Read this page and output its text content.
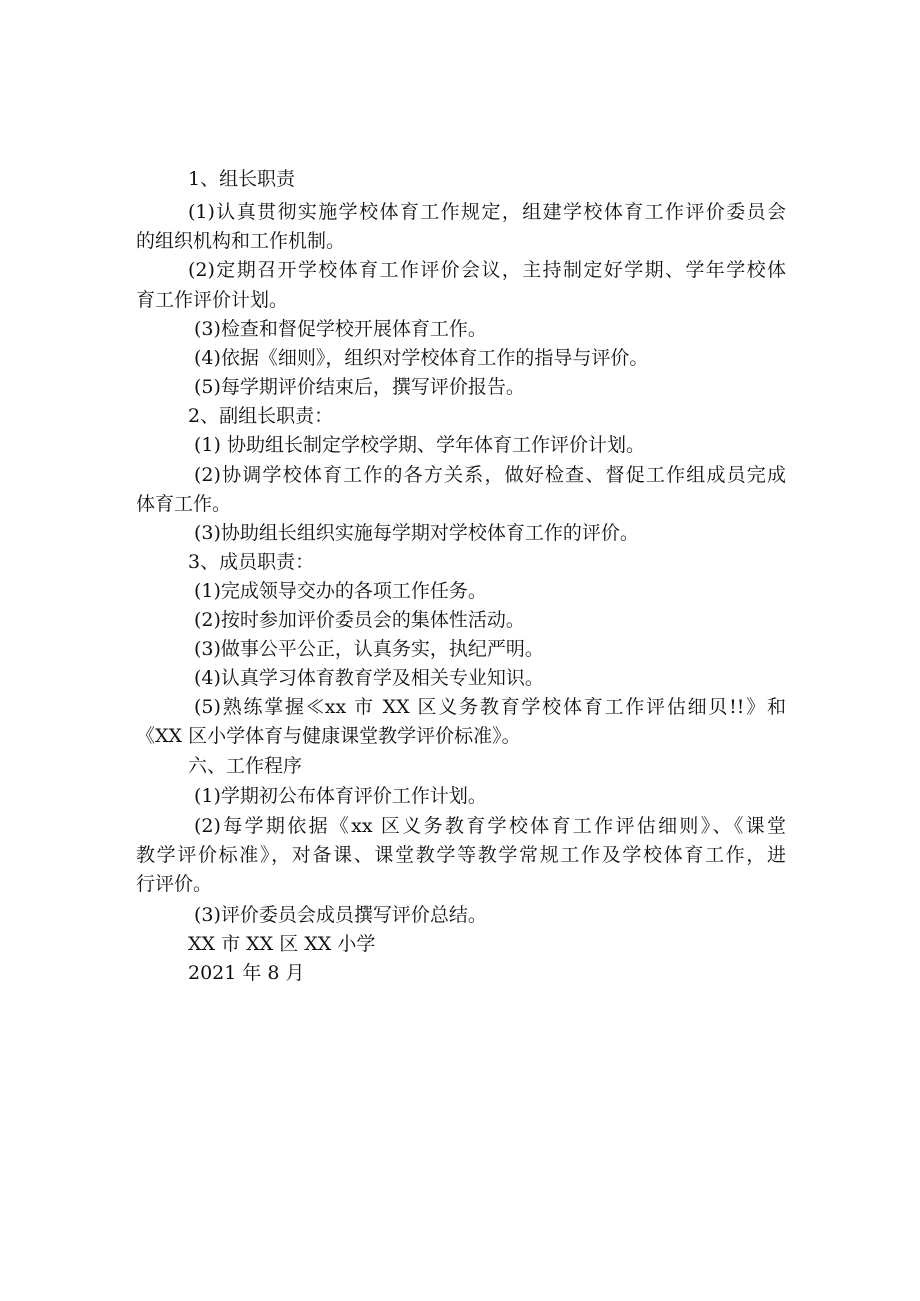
1、组长职责
(1)认真贯彻实施学校体育工作规定，组建学校体育工作评价委员会
的组织机构和工作机制。
(2)定期召开学校体育工作评价会议，主持制定好学期、学年学校体
育工作评价计划。
(3)检查和督促学校开展体育工作。
(4)依据《细则》，组织对学校体育工作的指导与评价。
(5)每学期评价结束后，撰写评价报告。
2、副组长职责：
(1) 协助组长制定学校学期、学年体育工作评价计划。
(2)协调学校体育工作的各方关系，做好检查、督促工作组成员完成
体育工作。
(3)协助组长组织实施每学期对学校体育工作的评价。
3、成员职责：
(1)完成领导交办的各项工作任务。
(2)按时参加评价委员会的集体性活动。
(3)做事公平公正，认真务实，执纪严明。
(4)认真学习体育教育学及相关专业知识。
(5)熟练掌握≪xx 市 XX 区义务教育学校体育工作评估细贝!!》和
《XX 区小学体育与健康课堂教学评价标准》。
六、工作程序
(1)学期初公布体育评价工作计划。
(2)每学期依据《xx 区义务教育学校体育工作评估细则》、《课堂
教学评价标准》，对备课、课堂教学等教学常规工作及学校体育工作，进
行评价。
(3)评价委员会成员撰写评价总结。
XX 市 XX 区 XX 小学
2021 年 8 月
